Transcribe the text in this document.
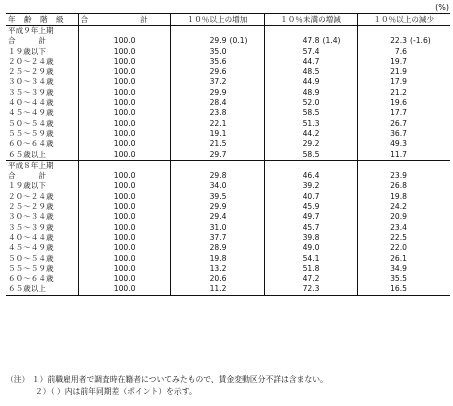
(%)
年 齢 階 級	合 計	１０％以上の増加	１０％未満の増減	１０％以上の減少
平成９年上期				
合　　　計	100.0	29.9 (0.1)	47.8 (1.4)	22.3 (-1.6)
１９歳以下	100.0	35.0	57.4	7.6
２０～２４歳	100.0	35.6	44.7	19.7
２５～２９歳	100.0	29.6	48.5	21.9
３０～３４歳	100.0	37.2	44.9	17.9
３５～３９歳	100.0	29.9	48.9	21.2
４０～４４歳	100.0	28.4	52.0	19.6
４５～４９歳	100.0	23.8	58.5	17.7
５０～５４歳	100.0	22.1	51.3	26.7
５５～５９歳	100.0	19.1	44.2	36.7
６０～６４歳	100.0	21.5	29.2	49.3
６５歳以上	100.0	29.7	58.5	11.7
平成８年上期				
合　　　計	100.0	29.8	46.4	23.9
１９歳以下	100.0	34.0	39.2	26.8
２０～２４歳	100.0	39.5	40.7	19.8
２５～２９歳	100.0	29.9	45.9	24.2
３０～３４歳	100.0	29.4	49.7	20.9
３５～３９歳	100.0	31.0	45.7	23.4
４０～４４歳	100.0	37.7	39.8	22.5
４５～４９歳	100.0	28.9	49.0	22.0
５０～５４歳	100.0	19.8	54.1	26.1
５５～５９歳	100.0	13.2	51.8	34.9
６０～６４歳	100.0	20.6	47.2	35.5
６５歳以上	100.0	11.2	72.3	16.5
（注） １）前職雇用者で調査時在籍者についてみたもので、賃金変動区分不詳は含まない。
２）（ ）内は前年同期差（ポイント）を示す。
